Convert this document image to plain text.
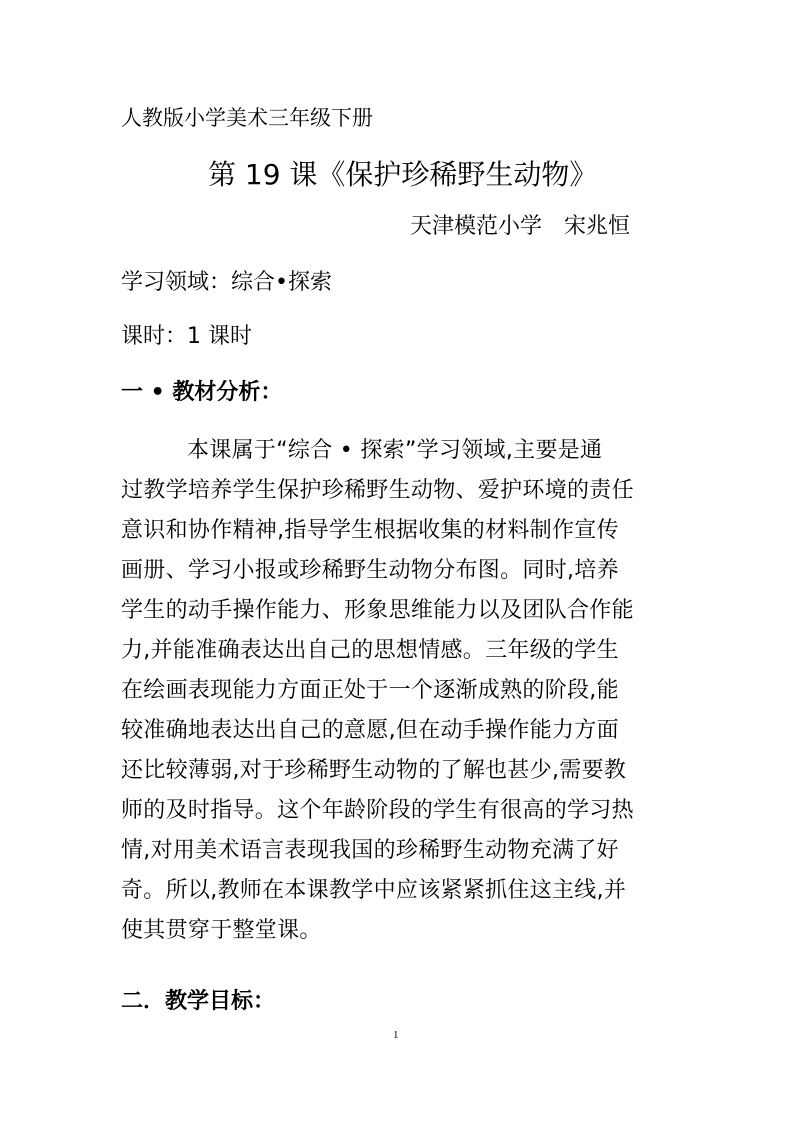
人教版小学美术三年级下册
第 19 课《保护珍稀野生动物》
天津模范小学 宋兆恒
学习领域：综合•探索
课时：1 课时
一 • 教材分析：
本课属于“综合 • 探索”学习领域,主要是通
过教学培养学生保护珍稀野生动物、爱护环境的责任
意识和协作精神,指导学生根据收集的材料制作宣传
画册、学习小报或珍稀野生动物分布图。同时,培养
学生的动手操作能力、形象思维能力以及团队合作能
力,并能准确表达出自己的思想情感。三年级的学生
在绘画表现能力方面正处于一个逐渐成熟的阶段,能
较准确地表达出自己的意愿,但在动手操作能力方面
还比较薄弱,对于珍稀野生动物的了解也甚少,需要教
师的及时指导。这个年龄阶段的学生有很高的学习热
情,对用美术语言表现我国的珍稀野生动物充满了好
奇。所以,教师在本课教学中应该紧紧抓住这主线,并
使其贯穿于整堂课。
二．教学目标：
1
